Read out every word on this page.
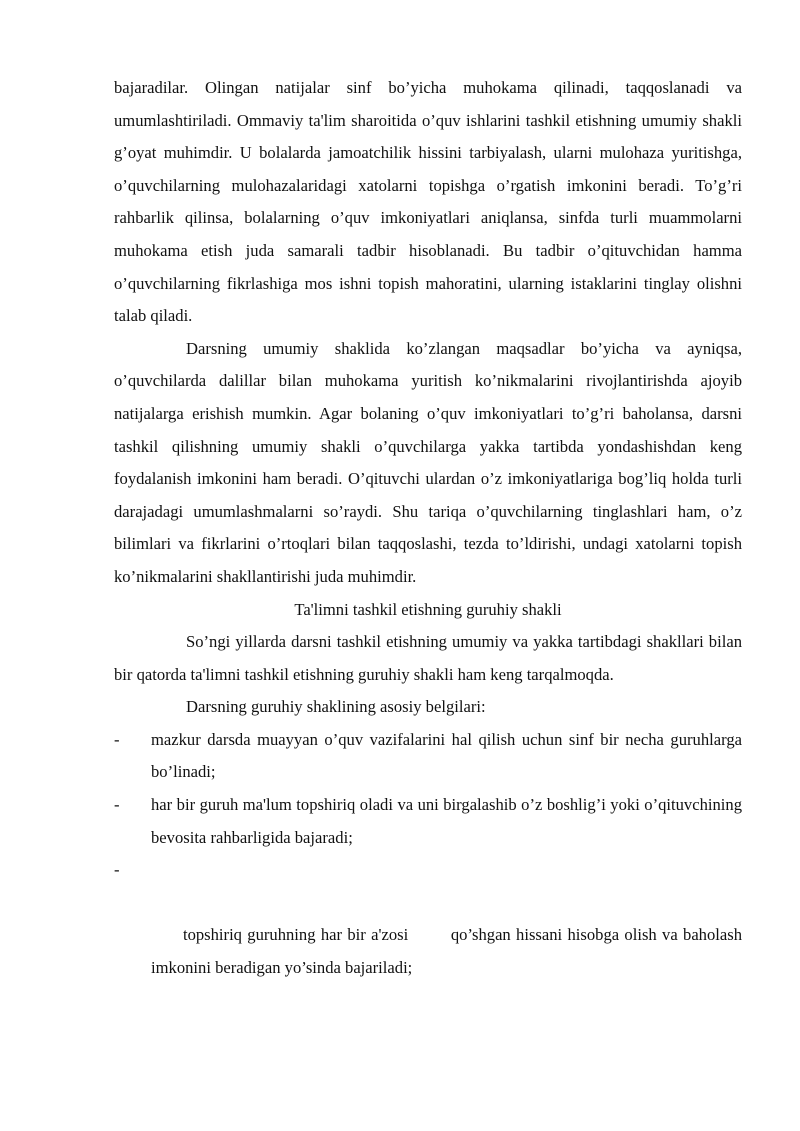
bajaradilar. Olingan natijalar sinf bo’yicha muhokama qilinadi, taqqoslanadi va umumlashtiriladi. Ommaviy ta'lim sharoitida o’quv ishlarini tashkil etishning umumiy shakli g’oyat muhimdir. U bolalarda jamoatchilik hissini tarbiyalash, ularni mulohaza yuritishga, o’quvchilarning mulohazalaridagi xatolarni topishga o’rgatish imkonini beradi. To’g’ri rahbarlik qilinsa, bolalarning o’quv imkoniyatlari aniqlansa, sinfda turli muammolarni muhokama etish juda samarali tadbir hisoblanadi. Bu tadbir o’qituvchidan hamma o’quvchilarning fikrlashiga mos ishni topish mahoratini, ularning istaklarini tinglay olishni talab qiladi.

Darsning umumiy shaklida ko’zlangan maqsadlar bo’yicha va ayniqsa, o’quvchilarda dalillar bilan muhokama yuritish ko’nikmalarini rivojlantirishda ajoyib natijalarga erishish mumkin. Agar bolaning o’quv imkoniyatlari to’g’ri baholansa, darsni tashkil qilishning umumiy shakli o’quvchilarga yakka tartibda yondashishdan keng foydalanish imkonini ham beradi. O’qituvchi ulardan o’z imkoniyatlariga bog’liq holda turli darajadagi umumlashmalarni so’raydi. Shu tariqa o’quvchilarning tinglashlari ham, o’z bilimlari va fikrlarini o’rtoqlari bilan taqqoslashi, tezda to’ldirishi, undagi xatolarni topish ko’nikmalarini shakllantirishi juda muhimdir.

Ta'limni tashkil etishning guruhiy shakli

So’ngi yillarda darsni tashkil etishning umumiy va yakka tartibdagi shakllari bilan bir qatorda ta'limni tashkil etishning guruhiy shakli ham keng tarqalmoqda.

Darsning guruhiy shaklining asosiy belgilari:

- mazkur darsda muayyan o’quv vazifalarini hal qilish uchun sinf bir necha guruhlarga bo’linadi;
- har bir guruh ma'lum topshiriq oladi va uni birgalashib o’z boshlig’i yoki o’qituvchining bevosita rahbarligida bajaradi;

-

topshiriq guruhning har bir a'zosi        qo’shgan hissani hisobga olish va baholash imkonini beradigan yo’sinda bajariladi;
